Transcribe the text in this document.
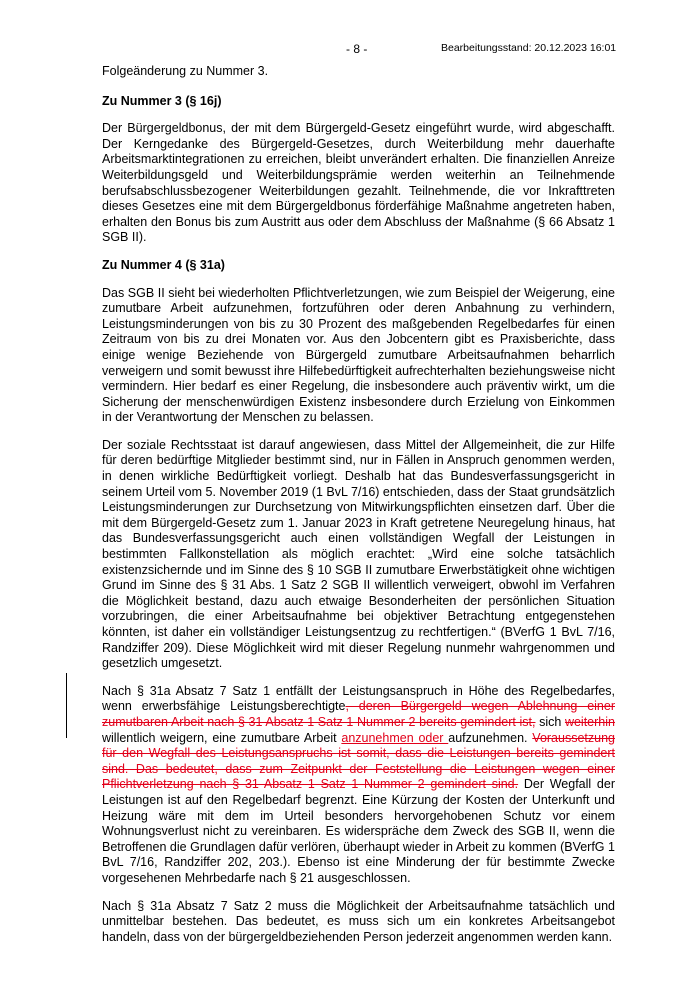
- 8 -	Bearbeitungsstand: 20.12.2023 16:01

Folgeänderung zu Nummer 3.

Zu Nummer 3 (§ 16j)

Der Bürgergeldbonus, der mit dem Bürgergeld-Gesetz eingeführt wurde, wird abgeschafft. Der Kerngedanke des Bürgergeld-Gesetzes, durch Weiterbildung mehr dauerhafte Arbeitsmarktintegrationen zu erreichen, bleibt unverändert erhalten. Die finanziellen Anreize Weiterbildungsgeld und Weiterbildungsprämie werden weiterhin an Teilnehmende berufsabschlussbezogener Weiterbildungen gezahlt. Teilnehmende, die vor Inkrafttreten dieses Gesetzes eine mit dem Bürgergeldbonus förderfähige Maßnahme angetreten haben, erhalten den Bonus bis zum Austritt aus oder dem Abschluss der Maßnahme (§ 66 Absatz 1 SGB II).

Zu Nummer 4 (§ 31a)

Das SGB II sieht bei wiederholten Pflichtverletzungen, wie zum Beispiel der Weigerung, eine zumutbare Arbeit aufzunehmen, fortzuführen oder deren Anbahnung zu verhindern, Leistungsminderungen von bis zu 30 Prozent des maßgebenden Regelbedarfes für einen Zeitraum von bis zu drei Monaten vor. Aus den Jobcentern gibt es Praxisberichte, dass einige wenige Beziehende von Bürgergeld zumutbare Arbeitsaufnahmen beharrlich verweigern und somit bewusst ihre Hilfebedürftigkeit aufrechterhalten beziehungsweise nicht vermindern. Hier bedarf es einer Regelung, die insbesondere auch präventiv wirkt, um die Sicherung der menschenwürdigen Existenz insbesondere durch Erzielung von Einkommen in der Verantwortung der Menschen zu belassen.

Der soziale Rechtsstaat ist darauf angewiesen, dass Mittel der Allgemeinheit, die zur Hilfe für deren bedürftige Mitglieder bestimmt sind, nur in Fällen in Anspruch genommen werden, in denen wirkliche Bedürftigkeit vorliegt. Deshalb hat das Bundesverfassungsgericht in seinem Urteil vom 5. November 2019 (1 BvL 7/16) entschieden, dass der Staat grundsätzlich Leistungsminderungen zur Durchsetzung von Mitwirkungspflichten einsetzen darf. Über die mit dem Bürgergeld-Gesetz zum 1. Januar 2023 in Kraft getretene Neuregelung hinaus, hat das Bundesverfassungsgericht auch einen vollständigen Wegfall der Leistungen in bestimmten Fallkonstellation als möglich erachtet: „Wird eine solche tatsächlich existenzsichernde und im Sinne des § 10 SGB II zumutbare Erwerbstätigkeit ohne wichtigen Grund im Sinne des § 31 Abs. 1 Satz 2 SGB II willentlich verweigert, obwohl im Verfahren die Möglichkeit bestand, dazu auch etwaige Besonderheiten der persönlichen Situation vorzubringen, die einer Arbeitsaufnahme bei objektiver Betrachtung entgegenstehen könnten, ist daher ein vollständiger Leistungsentzug zu rechtfertigen.“ (BVerfG 1 BvL 7/16, Randziffer 209). Diese Möglichkeit wird mit dieser Regelung nunmehr wahrgenommen und gesetzlich umgesetzt.

Nach § 31a Absatz 7 Satz 1 entfällt der Leistungsanspruch in Höhe des Regelbedarfes, wenn erwerbsfähige Leistungsberechtigte, deren Bürgergeld wegen Ablehnung einer zumutbaren Arbeit nach § 31 Absatz 1 Satz 1 Nummer 2 bereits gemindert ist, sich weiterhin willentlich weigern, eine zumutbare Arbeit anzunehmen oder aufzunehmen. Voraussetzung für den Wegfall des Leistungsanspruchs ist somit, dass die Leistungen bereits gemindert sind. Das bedeutet, dass zum Zeitpunkt der Feststellung die Leistungen wegen einer Pflichtverletzung nach § 31 Absatz 1 Satz 1 Nummer 2 gemindert sind. Der Wegfall der Leistungen ist auf den Regelbedarf begrenzt. Eine Kürzung der Kosten der Unterkunft und Heizung wäre mit dem im Urteil besonders hervorgehobenen Schutz vor einem Wohnungsverlust nicht zu vereinbaren. Es widerspräche dem Zweck des SGB II, wenn die Betroffenen die Grundlagen dafür verlören, überhaupt wieder in Arbeit zu kommen (BVerfG 1 BvL 7/16, Randziffer 202, 203.). Ebenso ist eine Minderung der für bestimmte Zwecke vorgesehenen Mehrbedarfe nach § 21 ausgeschlossen.

Nach § 31a Absatz 7 Satz 2 muss die Möglichkeit der Arbeitsaufnahme tatsächlich und unmittelbar bestehen. Das bedeutet, es muss sich um ein konkretes Arbeitsangebot handeln, dass von der bürgergeldbeziehenden Person jederzeit angenommen werden kann.
